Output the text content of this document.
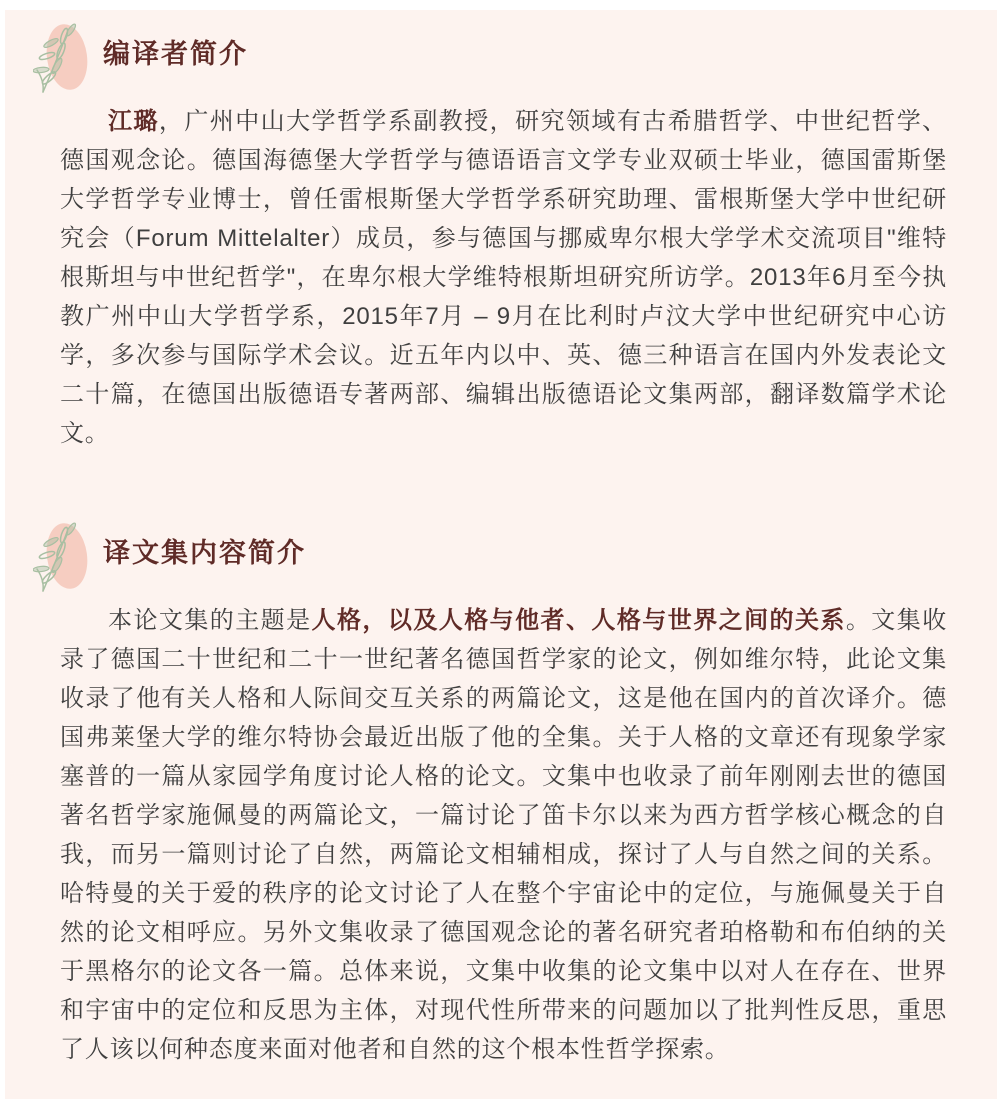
编译者简介

江璐，广州中山大学哲学系副教授，研究领域有古希腊哲学、中世纪哲学、德国观念论。德国海德堡大学哲学与德语语言文学专业双硕士毕业，德国雷斯堡大学哲学专业博士，曾任雷根斯堡大学哲学系研究助理、雷根斯堡大学中世纪研究会（Forum Mittelalter）成员，参与德国与挪威卑尔根大学学术交流项目"维特根斯坦与中世纪哲学"，在卑尔根大学维特根斯坦研究所访学。2013年6月至今执教广州中山大学哲学系，2015年7月 – 9月在比利时卢汶大学中世纪研究中心访学，多次参与国际学术会议。近五年内以中、英、德三种语言在国内外发表论文二十篇，在德国出版德语专著两部、编辑出版德语论文集两部，翻译数篇学术论文。

译文集内容简介

本论文集的主题是人格，以及人格与他者、人格与世界之间的关系。文集收录了德国二十世纪和二十一世纪著名德国哲学家的论文，例如维尔特，此论文集收录了他有关人格和人际间交互关系的两篇论文，这是他在国内的首次译介。德国弗莱堡大学的维尔特协会最近出版了他的全集。关于人格的文章还有现象学家塞普的一篇从家园学角度讨论人格的论文。文集中也收录了前年刚刚去世的德国著名哲学家施佩曼的两篇论文，一篇讨论了笛卡尔以来为西方哲学核心概念的自我，而另一篇则讨论了自然，两篇论文相辅相成，探讨了人与自然之间的关系。哈特曼的关于爱的秩序的论文讨论了人在整个宇宙论中的定位，与施佩曼关于自然的论文相呼应。另外文集收录了德国观念论的著名研究者珀格勒和布伯纳的关于黑格尔的论文各一篇。总体来说，文集中收集的论文集中以对人在存在、世界和宇宙中的定位和反思为主体，对现代性所带来的问题加以了批判性反思，重思了人该以何种态度来面对他者和自然的这个根本性哲学探索。
